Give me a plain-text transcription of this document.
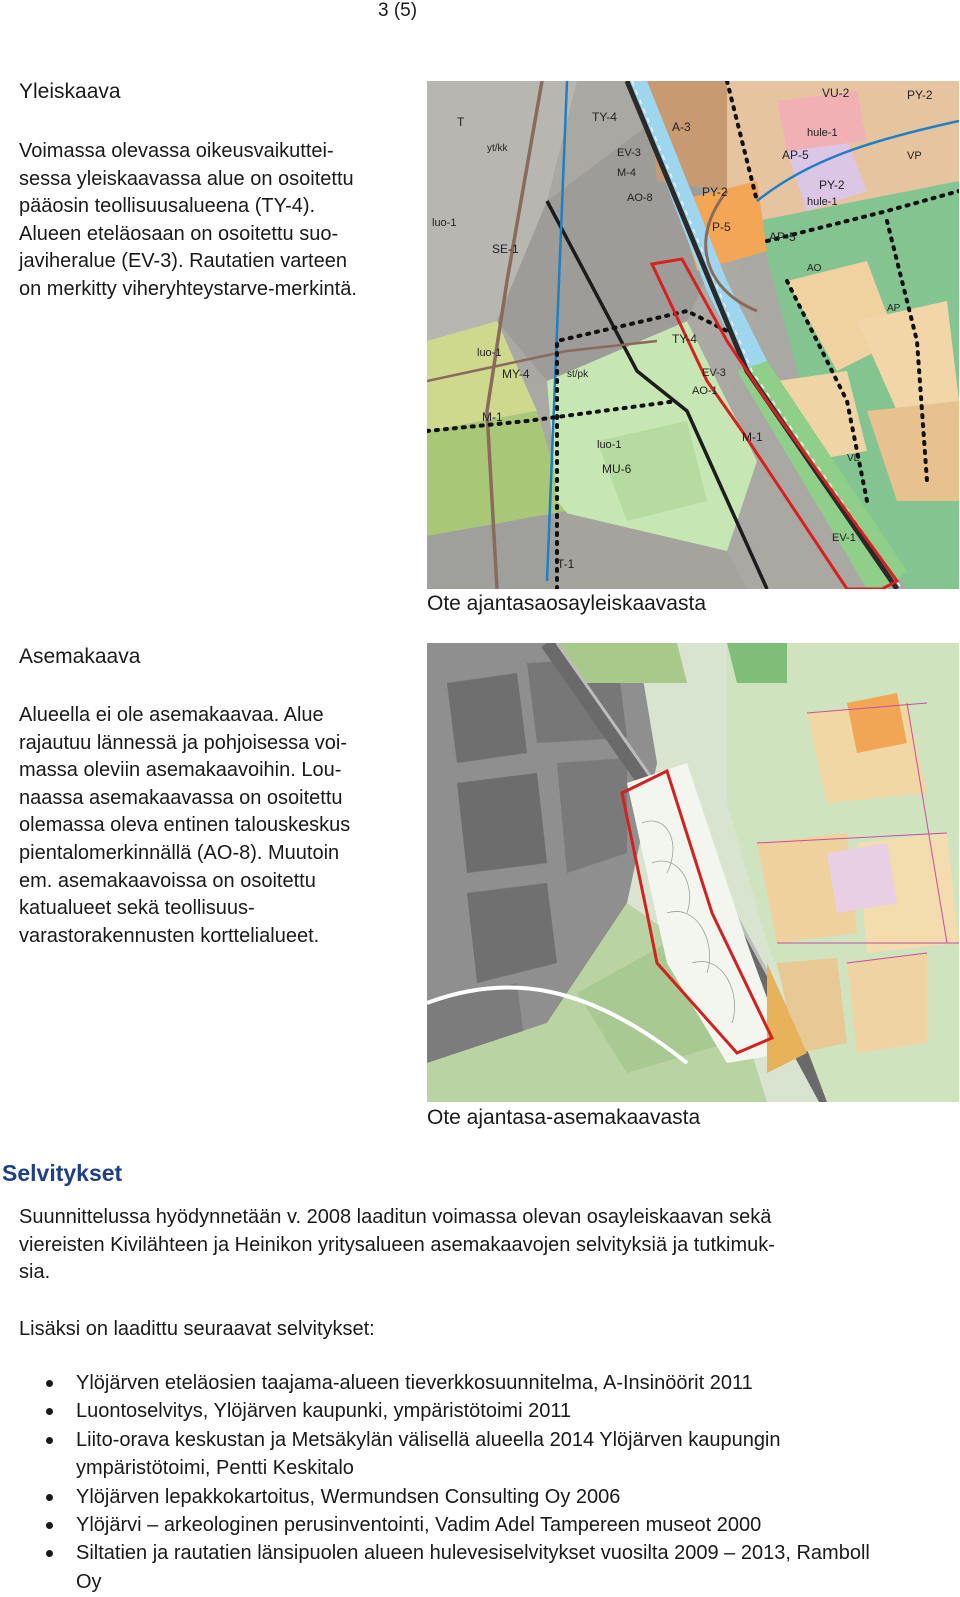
3 (5)
Yleiskaava
Voimassa olevassa oikeusvaikuttei-
sessa yleiskaavassa alue on osoitettu
pääosin teollisuusalueena (TY-4).
Alueen eteläosaan on osoitettu suo-
javiheralue (EV-3). Rautatien varteen
on merkitty viheryhteystarve-merkintä.
PY-2
VU-2
TY-4
A-3
EV-3
M-4
AO-8
luo-1
SE-1
hule-1
AP-5
PY-2	PY-2
hule-1
P-5
AP-5
TY-4
luo-1
MY-4	EV-3
AO-1
M-1
M-1
luo-1
MU-6
EV-1
T-1
T
yt/kk
st/pk
VP
AP
AO
VL
Ote ajantasaosayleiskaavasta
Asemakaava
Alueella ei ole asemakaavaa. Alue
rajautuu lännessä ja pohjoisessa voi-
massa oleviin asemakaavoihin. Lou-
naassa asemakaavassa on osoitettu
olemassa oleva entinen talouskeskus
pientalomerkinnällä (AO-8). Muutoin
em. asemakaavoissa on osoitettu
katualueet sekä teollisuus-
varastorakennusten korttelialueet.
Ote ajantasa-asemakaavasta
Selvitykset
Suunnittelussa hyödynnetään v. 2008 laaditun voimassa olevan osayleiskaavan sekä
viereisten Kivilähteen ja Heinikon yritysalueen asemakaavojen selvityksiä ja tutkimuk-
sia.
Lisäksi on laadittu seuraavat selvitykset:
Ylöjärven eteläosien taajama-alueen tieverkkosuunnitelma, A-Insinöörit 2011
Luontoselvitys, Ylöjärven kaupunki, ympäristötoimi 2011
Liito-orava keskustan ja Metsäkylän välisellä alueella 2014 Ylöjärven kaupungin ympäristötoimi, Pentti Keskitalo
Ylöjärven lepakkokartoitus, Wermundsen Consulting Oy 2006
Ylöjärvi – arkeologinen perusinventointi, Vadim Adel Tampereen museot 2000
Siltatien ja rautatien länsipuolen alueen hulevesiselvitykset vuosilta 2009 – 2013, Ramboll Oy
